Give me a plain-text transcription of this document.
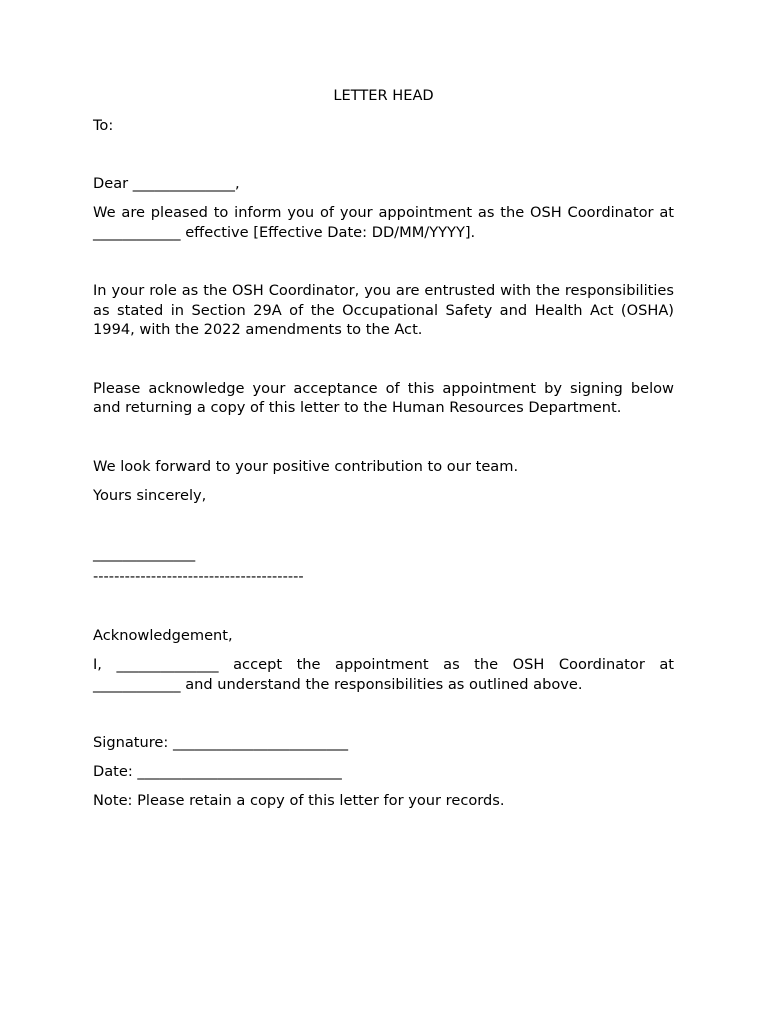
LETTER HEAD

To:

Dear ______________,

We are pleased to inform you of your appointment as the OSH Coordinator at ____________ effective [Effective Date: DD/MM/YYYY].

In your role as the OSH Coordinator, you are entrusted with the responsibilities as stated in Section 29A of the Occupational Safety and Health Act (OSHA) 1994, with the 2022 amendments to the Act.

Please acknowledge your acceptance of this appointment by signing below and returning a copy of this letter to the Human Resources Department.

We look forward to your positive contribution to our team.

Yours sincerely,

______________

----------------------------------------

Acknowledgement,

I, ______________ accept the appointment as the OSH Coordinator at ____________ and understand the responsibilities as outlined above.

Signature: ________________________

Date: ____________________________

Note: Please retain a copy of this letter for your records.
